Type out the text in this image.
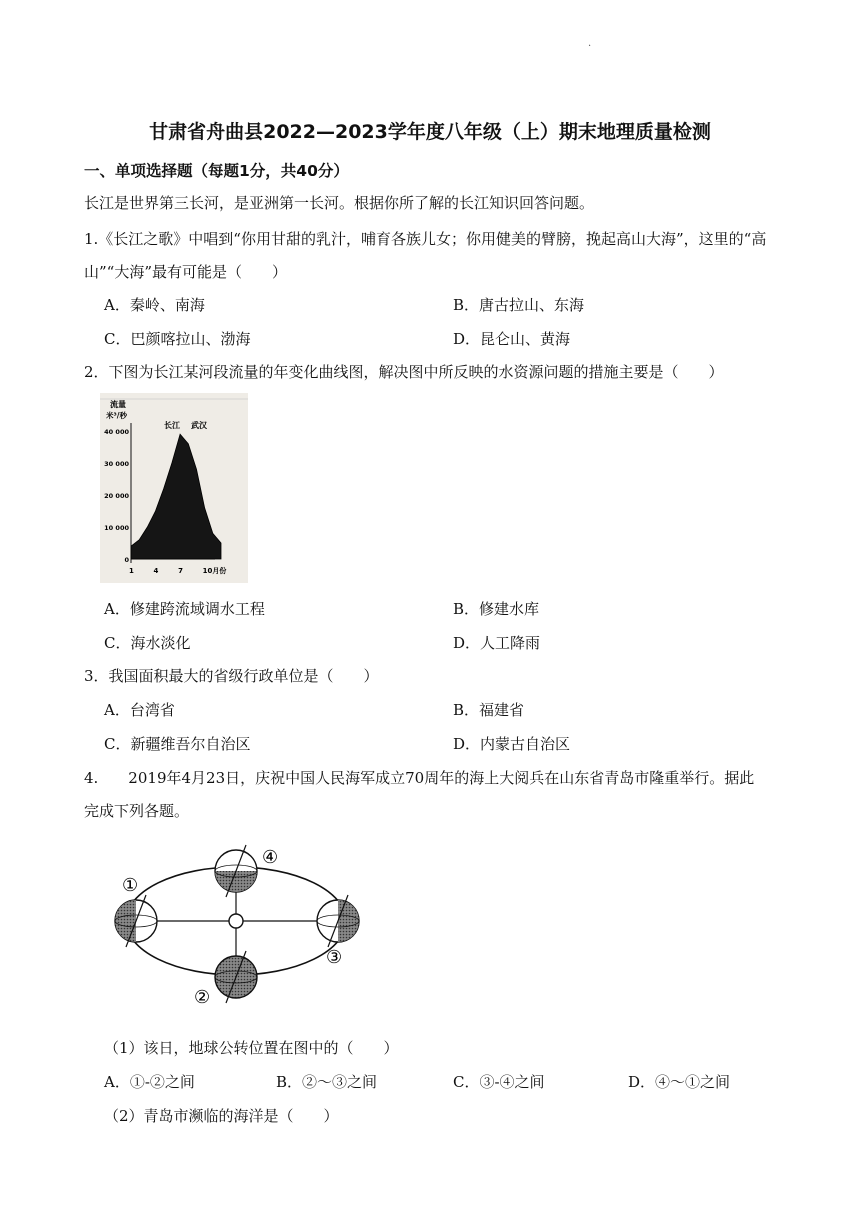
.
甘肃省舟曲县2022—2023学年度八年级（上）期末地理质量检测
一、单项选择题（每题1分，共40分）
长江是世界第三长河，是亚洲第一长河。根据你所了解的长江知识回答问题。
1.《长江之歌》中唱到“你用甘甜的乳汁，哺育各族儿女；你用健美的臂膀，挽起高山大海”，这里的“高
山”“大海”最有可能是（　　）
A．秦岭、南海	B．唐古拉山、东海
C．巴颜喀拉山、渤海	D．昆仑山、黄海
2．下图为长江某河段流量的年变化曲线图，解决图中所反映的水资源问题的措施主要是（　　）
流量
米³/秒
40 000
30 000
20 000
10 000
0
1	4	7	10月份
长江 武汉
A．修建跨流域调水工程	B．修建水库
C．海水淡化	D．人工降雨
3．我国面积最大的省级行政单位是（　　）
A．台湾省	B．福建省
C．新疆维吾尔自治区	D．内蒙古自治区
4.　　2019年4月23日，庆祝中国人民海军成立70周年的海上大阅兵在山东省青岛市隆重举行。据此
完成下列各题。
①
②
③
④
（1）该日，地球公转位置在图中的（　　）
A．①-②之间	B．②～③之间	C．③-④之间	D．④～①之间
（2）青岛市濒临的海洋是（　　）
